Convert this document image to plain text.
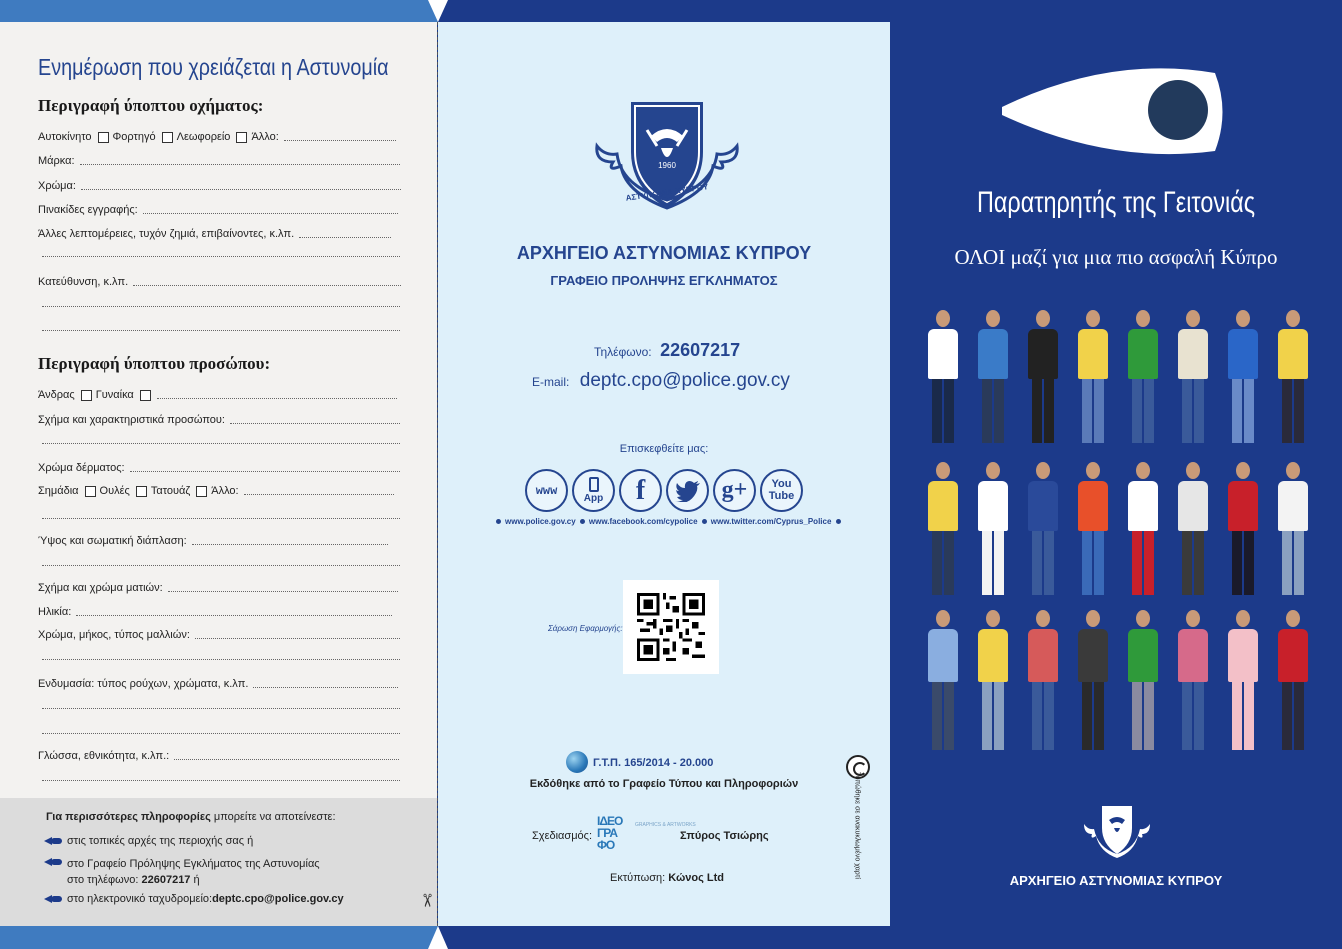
Ενημέρωση που χρειάζεται η Αστυνομία
Περιγραφή ύποπτου οχήματος:
Αυτοκίνητο Φορτηγό Λεωφορείο Άλλο:
Μάρκα:
Χρώμα:
Πινακίδες εγγραφής:
Άλλες λεπτομέρειες, τυχόν ζημιά, επιβαίνοντες, κ.λπ.
Κατεύθυνση, κ.λπ.
Περιγραφή ύποπτου προσώπου:
Άνδρας Γυναίκα
Σχήμα και χαρακτηριστικά προσώπου:
Χρώμα δέρματος:
Σημάδια Ουλές Τατουάζ Άλλο:
Ύψος και σωματική διάπλαση:
Σχήμα και χρώμα ματιών:
Ηλικία:
Χρώμα, μήκος, τύπος μαλλιών:
Ενδυμασία: τύπος ρούχων, χρώματα, κ.λπ.
Γλώσσα, εθνικότητα, κ.λπ.:
Για περισσότερες πληροφορίες μπορείτε να αποτείνεστε:
στις τοπικές αρχές της περιοχής σας ή
στο Γραφείο Πρόληψης Εγκλήματος της Αστυνομίας
στο τηλέφωνο: 22607217 ή
στο ηλεκτρονικό ταχυδρομείο: deptc.cpo@police.gov.cy	✂
1960
ΑΣΤΥΝΟΜΙΑ ΚΥΠΡΟΥ
ΑΡΧΗΓΕΙΟ ΑΣΤΥΝΟΜΙΑΣ ΚΥΠΡΟΥ
ΓΡΑΦΕΙΟ ΠΡΟΛΗΨΗΣ ΕΓΚΛΗΜΑΤΟΣ
Τηλέφωνο: 22607217
E-mail: deptc.cpo@police.gov.cy
Επισκεφθείτε μας:
www
App f	g+ You
Tube
www.police.gov.cy www.facebook.com/cypolice www.twitter.com/Cyprus_Police
Σάρωση Εφαρμογής:
Γ.Τ.Π. 165/2014 - 20.000
Εκδόθηκε από το Γραφείο Τύπου και Πληροφοριών
Σχεδιασμός:
ΙΔΕΟ ΓΡΑ ΦΟ
GRAPHICS & ARTWORKS
Σπύρος Τσιώρης
Εκτύπωση: Κώνος Ltd	Τυπώθηκε σε ανακυκλωμένο χαρτί
Παρατηρητής της Γειτονιάς
ΟΛΟΙ μαζί για μια πιο ασφαλή Κύπρο
ΑΡΧΗΓΕΙΟ ΑΣΤΥΝΟΜΙΑΣ ΚΥΠΡΟΥ
